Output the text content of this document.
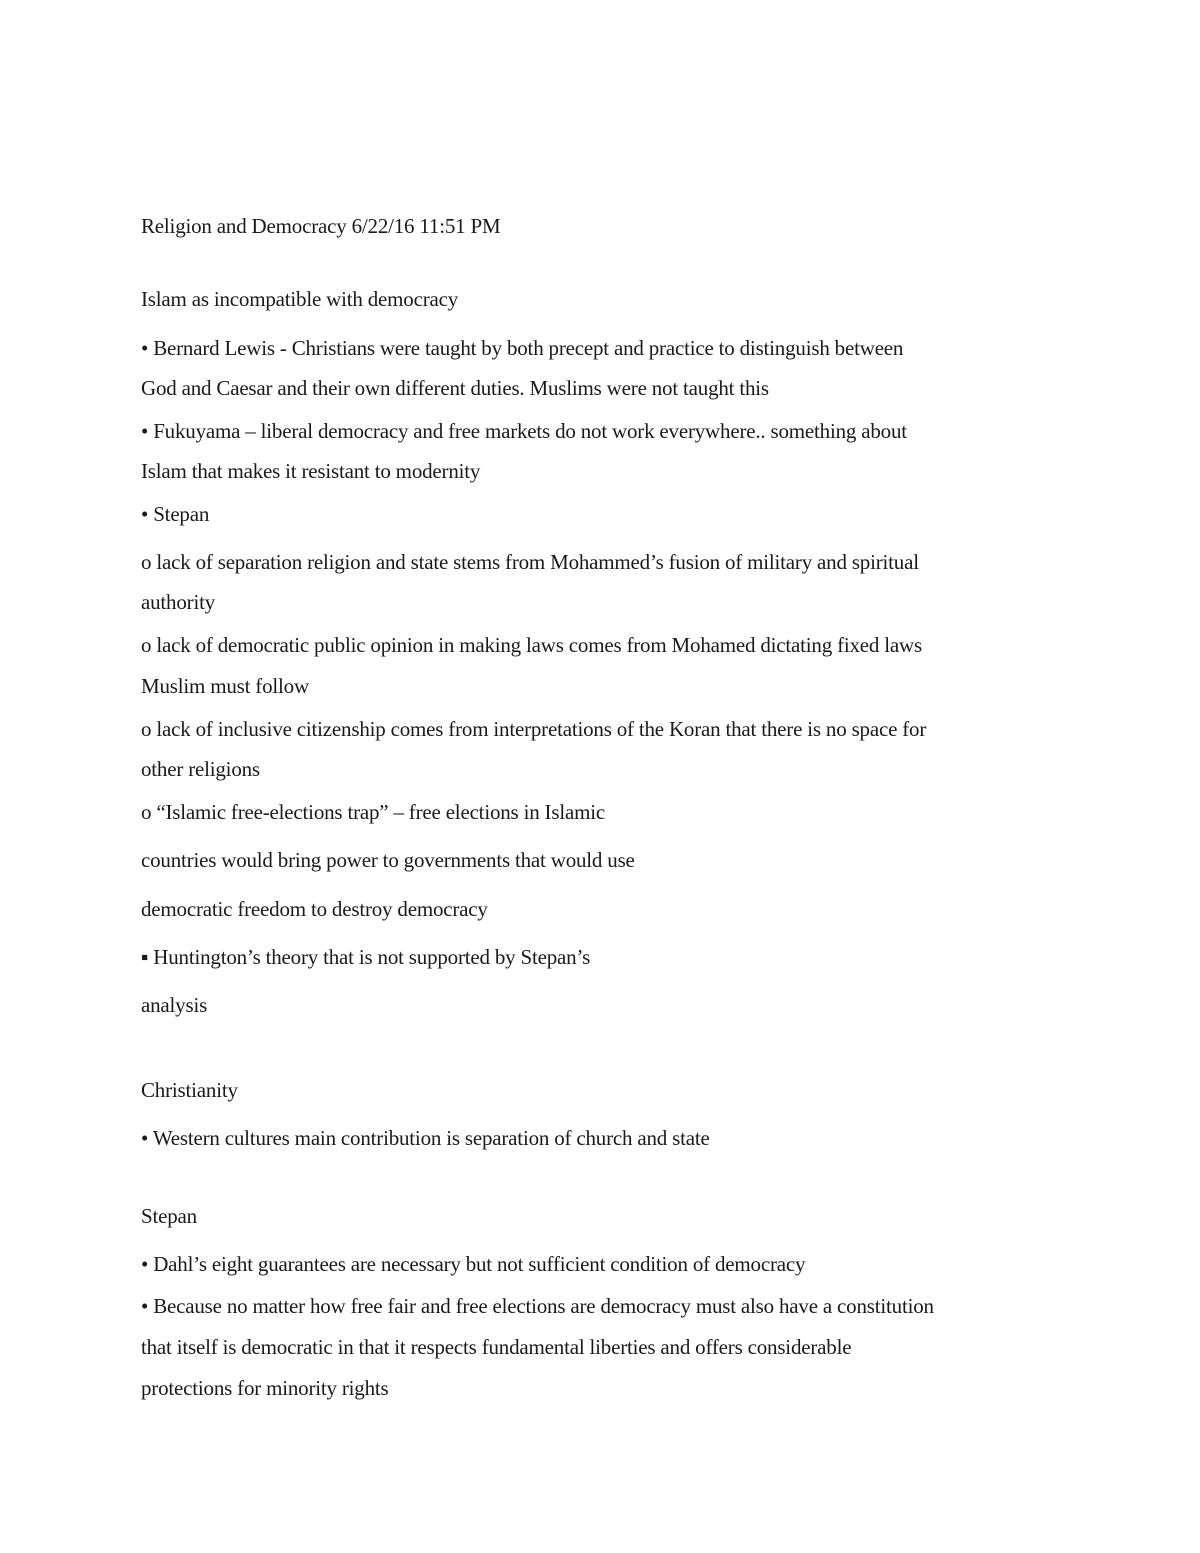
Religion and Democracy 6/22/16 11:51 PM
Islam as incompatible with democracy
• Bernard Lewis - Christians were taught by both precept and practice to distinguish between
God and Caesar and their own different duties. Muslims were not taught this
• Fukuyama – liberal democracy and free markets do not work everywhere.. something about
Islam that makes it resistant to modernity
• Stepan
o lack of separation religion and state stems from Mohammed’s fusion of military and spiritual
authority
o lack of democratic public opinion in making laws comes from Mohamed dictating fixed laws
Muslim must follow
o lack of inclusive citizenship comes from interpretations of the Koran that there is no space for
other religions
o “Islamic free-elections trap” – free elections in Islamic
countries would bring power to governments that would use
democratic freedom to destroy democracy
▪ Huntington’s theory that is not supported by Stepan’s
analysis
Christianity
• Western cultures main contribution is separation of church and state
Stepan
• Dahl’s eight guarantees are necessary but not sufficient condition of democracy
• Because no matter how free fair and free elections are democracy must also have a constitution
that itself is democratic in that it respects fundamental liberties and offers considerable
protections for minority rights
